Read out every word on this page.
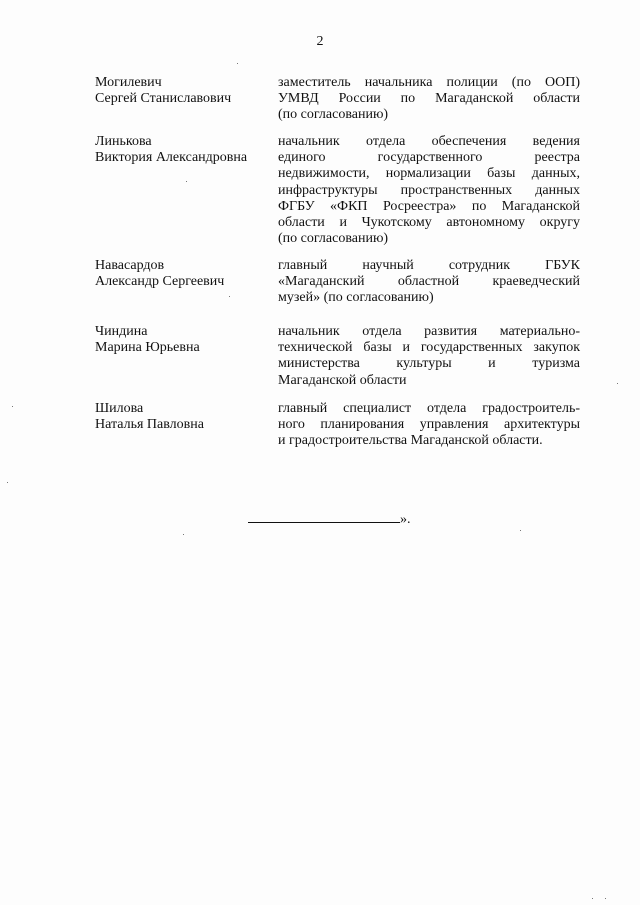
2
Могилевич
Сергей Станиславович
заместитель начальника полиции (по ООП)
УМВД России по Магаданской области
(по согласованию)
Линькова
Виктория Александровна
начальник отдела обеспечения ведения
единого государственного реестра
недвижимости, нормализации базы данных,
инфраструктуры пространственных данных
ФГБУ «ФКП Росреестра» по Магаданской
области и Чукотскому автономному округу
(по согласованию)
Навасардов
Александр Сергеевич
главный научный сотрудник ГБУК
«Магаданский областной краеведческий
музей» (по согласованию)
Чиндина
Марина Юрьевна
начальник отдела развития материально-
технической базы и государственных закупок
министерства культуры и туризма
Магаданской области
Шилова
Наталья Павловна
главный специалист отдела градостроитель-
ного планирования управления архитектуры
и градостроительства Магаданской области.
».
